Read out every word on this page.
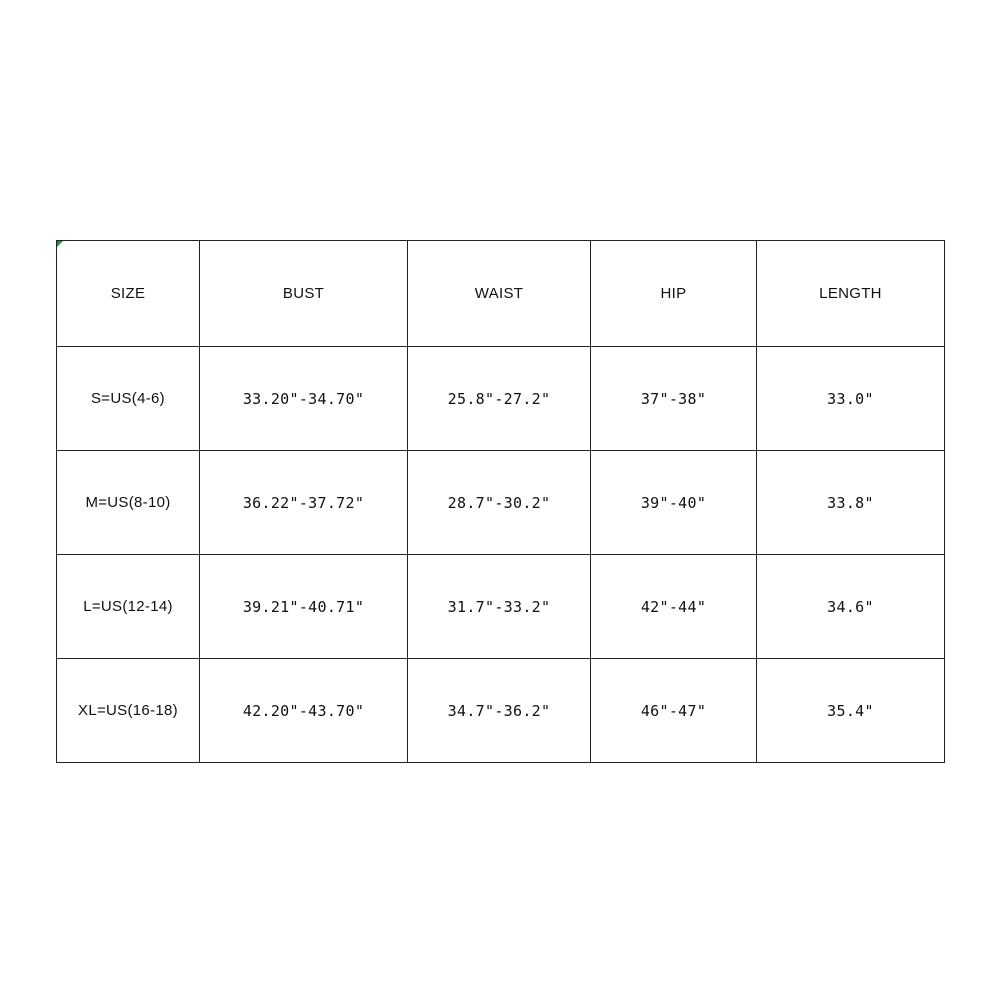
SIZE	BUST	WAIST	HIP	LENGTH
S=US(4-6)	33.20"-34.70"	25.8"-27.2"	37"-38"	33.0"
M=US(8-10)	36.22"-37.72"	28.7"-30.2"	39"-40"	33.8"
L=US(12-14)	39.21"-40.71"	31.7"-33.2"	42"-44"	34.6"
XL=US(16-18)	42.20"-43.70"	34.7"-36.2"	46"-47"	35.4"
